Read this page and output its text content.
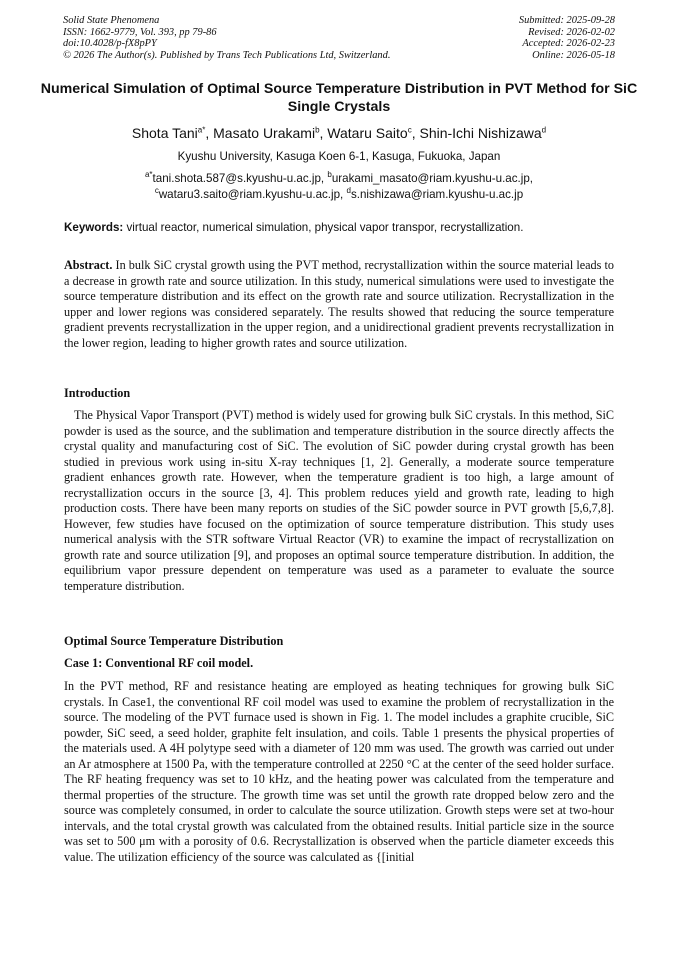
Solid State Phenomena
ISSN: 1662-9779, Vol. 393, pp 79-86
doi:10.4028/p-fX8pPY
© 2026 The Author(s). Published by Trans Tech Publications Ltd, Switzerland.
Submitted: 2025-09-28
Revised: 2026-02-02
Accepted: 2026-02-23
Online: 2026-05-18
Numerical Simulation of Optimal Source Temperature Distribution in PVT Method for SiC Single Crystals
Shota Tani$^{a*}$, Masato Urakami$^b$, Wataru Saito$^c$, Shin-Ichi Nishizawa$^d$
Kyushu University, Kasuga Koen 6-1, Kasuga, Fukuoka, Japan
$^{a*}$tani.shota.587@s.kyushu-u.ac.jp, $^b$urakami_masato@riam.kyushu-u.ac.jp,
$^c$wataru3.saito@riam.kyushu-u.ac.jp, $^d$s.nishizawa@riam.kyushu-u.ac.jp
Keywords: virtual reactor, numerical simulation, physical vapor transpor, recrystallization.
Abstract. In bulk SiC crystal growth using the PVT method, recrystallization within the source material leads to a decrease in growth rate and source utilization. In this study, numerical simulations were used to investigate the source temperature distribution and its effect on the growth rate and source utilization. Recrystallization in the upper and lower regions was considered separately. The results showed that reducing the source temperature gradient prevents recrystallization in the upper region, and a unidirectional gradient prevents recrystallization in the lower region, leading to higher growth rates and source utilization.
Introduction
The Physical Vapor Transport (PVT) method is widely used for growing bulk SiC crystals. In this method, SiC powder is used as the source, and the sublimation and temperature distribution in the source directly affects the crystal quality and manufacturing cost of SiC. The evolution of SiC powder during crystal growth has been studied in previous work using in-situ X-ray techniques [1, 2]. Generally, a moderate source temperature gradient enhances growth rate. However, when the temperature gradient is too high, a large amount of recrystallization occurs in the source [3, 4]. This problem reduces yield and growth rate, leading to high production costs. There have been many reports on studies of the SiC powder source in PVT growth [5,6,7,8]. However, few studies have focused on the optimization of source temperature distribution. This study uses numerical analysis with the STR software Virtual Reactor (VR) to examine the impact of recrystallization on growth rate and source utilization [9], and proposes an optimal source temperature distribution. In addition, the equilibrium vapor pressure dependent on temperature was used as a parameter to evaluate the source temperature distribution.
Optimal Source Temperature Distribution
Case 1: Conventional RF coil model.
In the PVT method, RF and resistance heating are employed as heating techniques for growing bulk SiC crystals. In Case1, the conventional RF coil model was used to examine the problem of recrystallization in the source. The modeling of the PVT furnace used is shown in Fig. 1. The model includes a graphite crucible, SiC powder, SiC seed, a seed holder, graphite felt insulation, and coils. Table 1 presents the physical properties of the materials used. A 4H polytype seed with a diameter of 120 mm was used. The growth was carried out under an Ar atmosphere at 1500 Pa, with the temperature controlled at 2250 °C at the center of the seed holder surface. The RF heating frequency was set to 10 kHz, and the heating power was calculated from the temperature and thermal properties of the structure. The growth time was set until the growth rate dropped below zero and the source was completely consumed, in order to calculate the source utilization. Growth steps were set at two-hour intervals, and the total crystal growth was calculated from the obtained results. Initial particle size in the source was set to 500 μm with a porosity of 0.6. Recrystallization is observed when the particle diameter exceeds this value. The utilization efficiency of the source was calculated as {[initial
